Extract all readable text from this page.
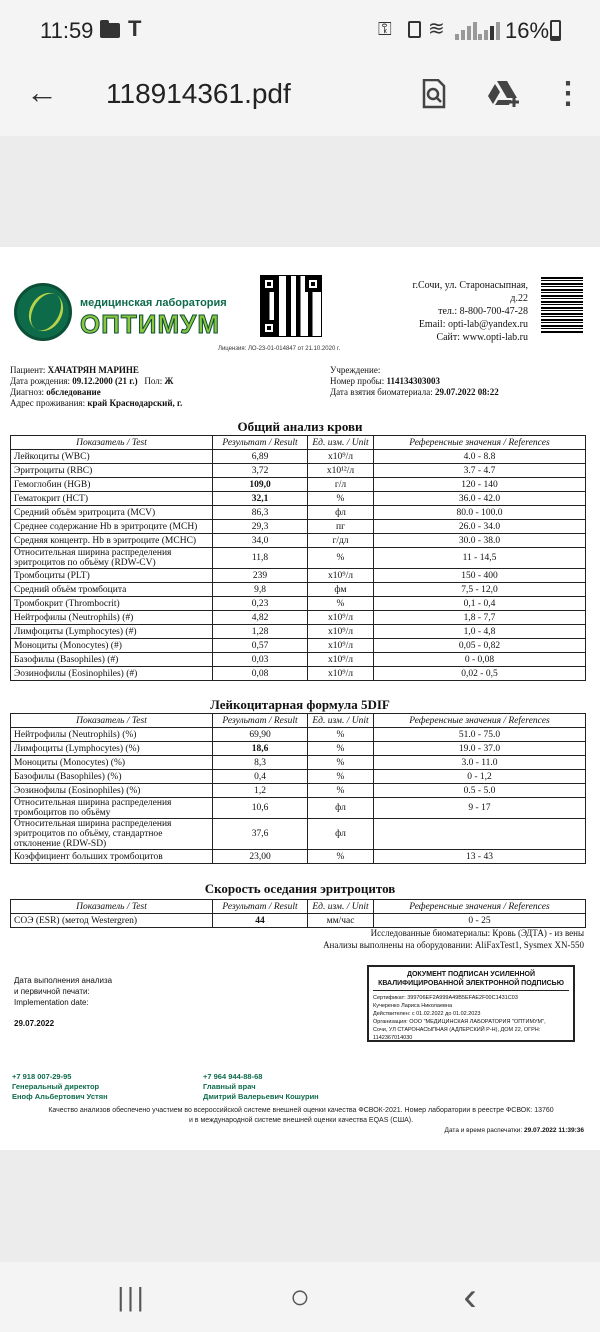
11:59 T	⚿ ≋	16%
← 118914361.pdf	⋮
медицинская лаборатория
ОПТИМУМ
Лицензия: ЛО-23-01-014847 от 21.10.2020 г.
г.Сочи, ул. Старонасыпная,
д.22
тел.: 8-800-700-47-28
Email: opti-lab@yandex.ru
Сайт: www.opti-lab.ru
Пациент: ХАЧАТРЯН МАРИНЕ
Дата рождения: 09.12.2000 (21 г.) Пол: Ж
Диагноз: обследование
Адрес проживания: край Краснодарский, г.
Учреждение:
Номер пробы: 114134303003
Дата взятия биоматериала: 29.07.2022 08:22
Общий анализ крови
Показатель / Test	Результат / Result	Ед. изм. / Unit	Референсные значения / References
Лейкоциты (WBC)	6,89	x10⁹/л	4.0 - 8.8
Эритроциты (RBC)	3,72	x10¹²/л	3.7 - 4.7
Гемоглобин (HGB)	109,0	г/л	120 - 140
Гематокрит (HCT)	32,1	%	36.0 - 42.0
Средний объём эритроцита (MCV)	86,3	фл	80.0 - 100.0
Среднее содержание Hb в эритроците (MCH)	29,3	пг	26.0 - 34.0
Средняя концентр. Hb в эритроците (MCHC)	34,0	г/дл	30.0 - 38.0
Относительная ширина распределения эритроцитов по объёму (RDW-CV)	11,8	%	11 - 14,5
Тромбоциты (PLT)	239	x10⁹/л	150 - 400
Средний объём тромбоцита	9,8	фм	7,5 - 12,0
Тромбокрит (Thrombocrit)	0,23	%	0,1 - 0,4
Нейтрофилы (Neutrophils) (#)	4,82	x10⁹/л	1,8 - 7,7
Лимфоциты (Lymphocytes) (#)	1,28	x10⁹/л	1,0 - 4,8
Моноциты (Monocytes) (#)	0,57	x10⁹/л	0,05 - 0,82
Базофилы (Basophiles) (#)	0,03	x10⁹/л	0 - 0,08
Эозинофилы (Eosinophiles) (#)	0,08	x10⁹/л	0,02 - 0,5
Лейкоцитарная формула 5DIF
Показатель / Test	Результат / Result	Ед. изм. / Unit	Референсные значения / References
Нейтрофилы (Neutrophils) (%)	69,90	%	51.0 - 75.0
Лимфоциты (Lymphocytes) (%)	18,6	%	19.0 - 37.0
Моноциты (Monocytes) (%)	8,3	%	3.0 - 11.0
Базофилы (Basophiles) (%)	0,4	%	0 - 1,2
Эозинофилы (Eosinophiles) (%)	1,2	%	0.5 - 5.0
Относительная ширина распределения тромбоцитов по объёму	10,6	фл	9 - 17
Относительная ширина распределения эритроцитов по объёму, стандартное отклонение (RDW-SD)	37,6	фл	
Коэффициент больших тромбоцитов	23,00	%	13 - 43
Скорость оседания эритроцитов
Показатель / Test	Результат / Result	Ед. изм. / Unit	Референсные значения / References
СОЭ (ESR) (метод Westergren)	44	мм/час	0 - 25
Исследованные биоматериалы: Кровь (ЭДТА) - из вены
Анализы выполнены на оборудовании: AliFaxTest1, Sysmex XN-550
Дата выполнения анализа
и первичной печати:
Implementation date:
29.07.2022
ДОКУМЕНТ ПОДПИСАН УСИЛЕННОЙ
КВАЛИФИЦИРОВАННОЙ ЭЛЕКТРОННОЙ ПОДПИСЬЮ
Сертификат: 399706EF2A999A49B5EFAE2F00C1431C03
Кучеренко Лариса Николаевна
Действителен: с 01.02.2022 до 01.02.2023
Организация: ООО "МЕДИЦИНСКАЯ ЛАБОРАТОРИЯ "ОПТИМУМ",
Сочи, УЛ СТАРОНАСЫПНАЯ (АДЛЕРСКИЙ Р-Н), ДОМ 22, ОГРН:
1142367014030
+7 918 007-29-95
Генеральный директор
Еноф Альбертович Устян
+7 964 944-88-68
Главный врач
Дмитрий Валерьевич Кошурин
Качество анализов обеспечено участием во всероссийской системе внешней оценки качества ФСВОК-2021. Номер лаборатории в реестре ФСВОК: 13760
и в международной системе внешней оценки качества EQAS (США).
Дата и время распечатки: 29.07.2022 11:39:36
|||	○	‹
